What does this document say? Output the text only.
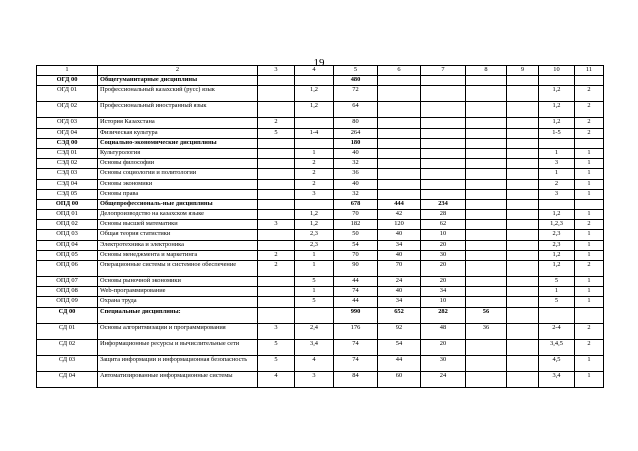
19
1	2	3	4	5	6	7	8	9	10	11
ОГД 00	Общегуманитарные дисциплины			480						
ОГД 01	Профессиональный казахский (русс) язык		1,2	72					1,2	2
ОГД 02	Профессиональный иностранный язык		1,2	64					1,2	2
ОГД 03	История Казахстана	2		80					1,2	2
ОГД 04	Физическая культура	5	1-4	264					1-5	2
СЭД 00	Социально-экономические дисциплины			180						
СЭД 01	Культурология		1	40					1	1
СЭД 02	Основы философии		2	32					3	1
СЭД 03	Основы социологии и политологии		2	36					1	1
СЭД 04	Основы экономики		2	40					2	1
СЭД 05	Основы права		3	32					3	1
ОПД 00	Общепрофессиональ-ные дисциплины			678	444	234				
ОПД 01	Делопроизводство на казахском языке		1,2	70	42	28			1,2	1
ОПД 02	Основы высшей математики	3	1,2	182	120	62			1,2,3	2
ОПД 03	Общая теория статистики		2,3	50	40	10			2,3	1
ОПД 04	Электротехника и электроника		2,3	54	34	20			2,3	1
ОПД 05	Основы менеджмента и маркетинга	2	1	70	40	30			1,2	1
ОПД 06	Операционные системы и системное обеспечение	2	1	90	70	20			1,2	2
ОПД 07	Основы рыночной экономики		5	44	24	20			5	1
ОПД 08	Web-программирование		1	74	40	34			1	1
ОПД 09	Охрана труда		5	44	34	10			5	1
СД 00	Специальные дисциплины:			990	652	282	56			
СД 01	Основы алгоритмизации и программирования	3	2,4	176	92	48	36		2-4	2
СД 02	Информационные ресурсы и вычислительные сети	5	3,4	74	54	20			3,4,5	2
СД 03	Защита информации и информационная безопасность	5	4	74	44	30			4,5	1
СД 04	Автоматизированные информационные системы	4	3	84	60	24			3,4	1
